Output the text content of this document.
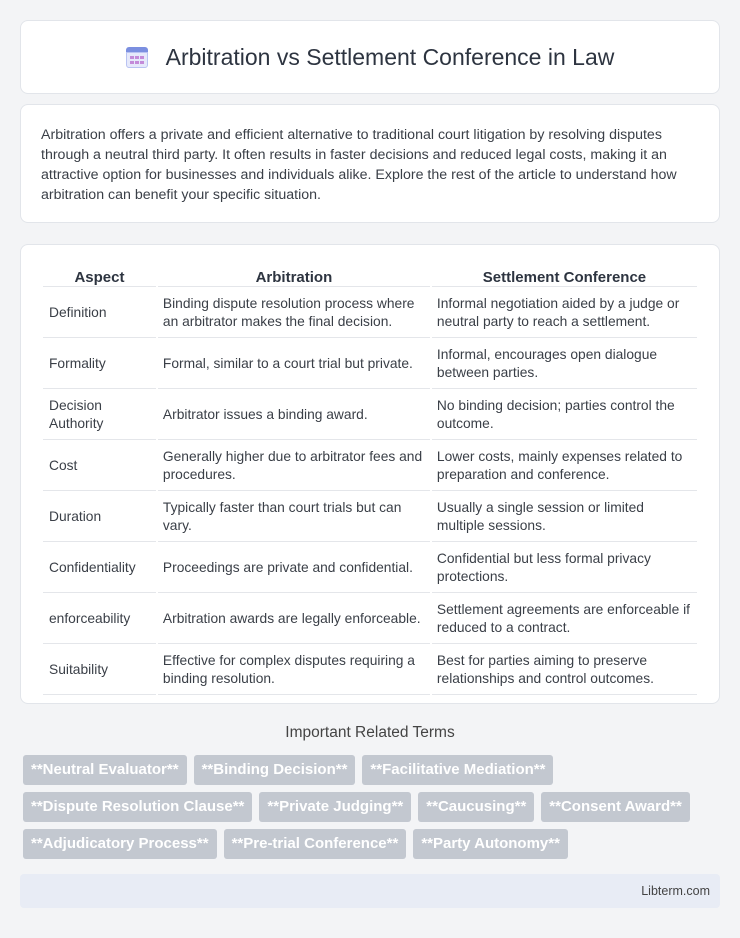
Arbitration vs Settlement Conference in Law

Arbitration offers a private and efficient alternative to traditional court litigation by resolving disputes through a neutral third party. It often results in faster decisions and reduced legal costs, making it an attractive option for businesses and individuals alike. Explore the rest of the article to understand how arbitration can benefit your specific situation.

Aspect	Arbitration	Settlement Conference
Definition	Binding dispute resolution process where an arbitrator makes the final decision.	Informal negotiation aided by a judge or neutral party to reach a settlement.
Formality	Formal, similar to a court trial but private.	Informal, encourages open dialogue between parties.
Decision Authority	Arbitrator issues a binding award.	No binding decision; parties control the outcome.
Cost	Generally higher due to arbitrator fees and procedures.	Lower costs, mainly expenses related to preparation and conference.
Duration	Typically faster than court trials but can vary.	Usually a single session or limited multiple sessions.
Confidentiality	Proceedings are private and confidential.	Confidential but less formal privacy protections.
enforceability	Arbitration awards are legally enforceable.	Settlement agreements are enforceable if reduced to a contract.
Suitability	Effective for complex disputes requiring a binding resolution.	Best for parties aiming to preserve relationships and control outcomes.
Important Related Terms
**Neutral Evaluator**	**Binding Decision**	**Facilitative Mediation**
**Dispute Resolution Clause**	**Private Judging**	**Caucusing**	**Consent Award**
**Adjudicatory Process**	**Pre-trial Conference**	**Party Autonomy**
Libterm.com
